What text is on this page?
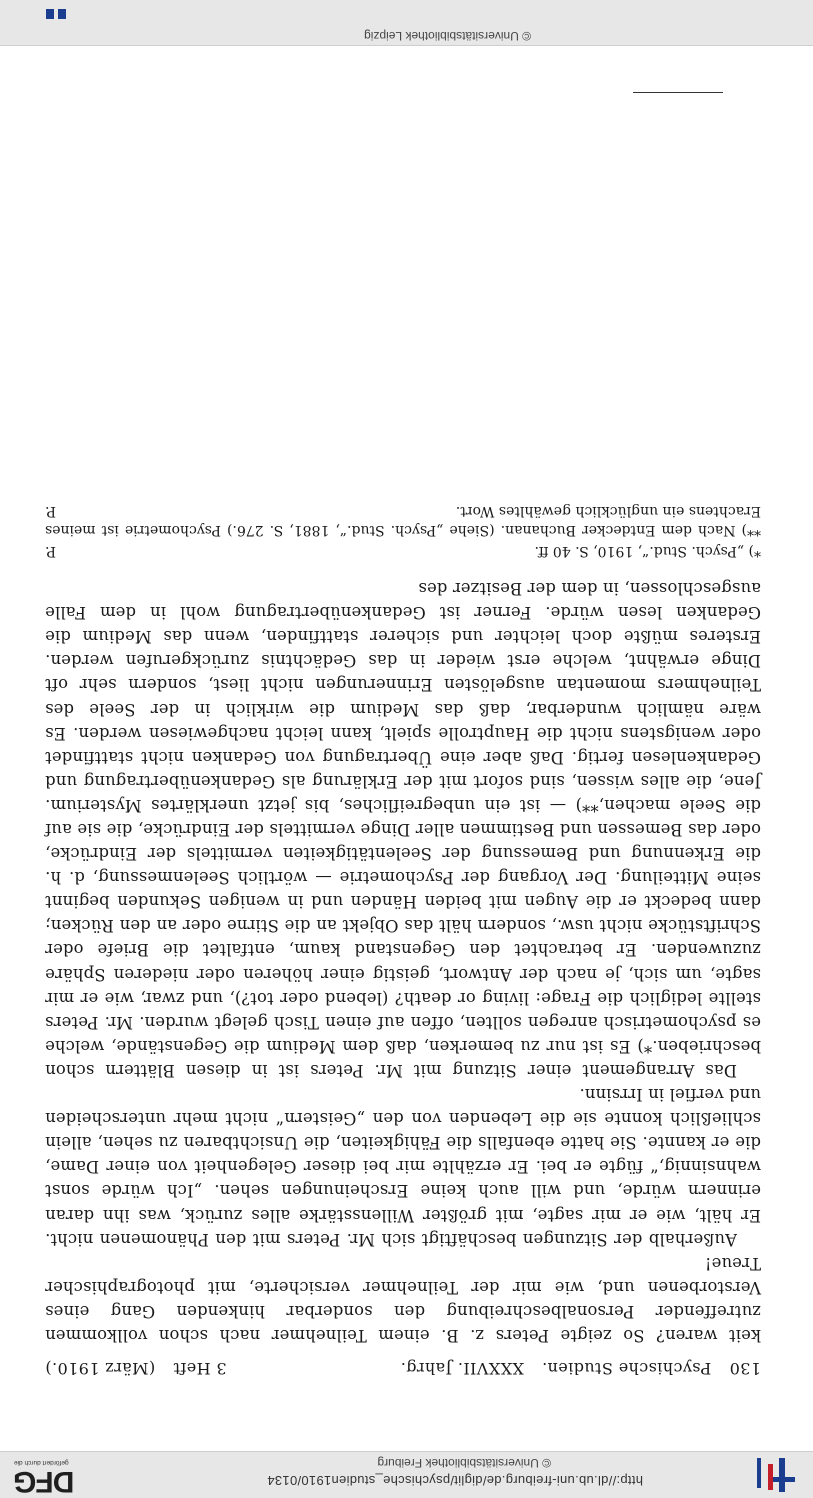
http://dl.ub.uni-freiburg.de/diglit/psychische_studien1910/0134
© Universitätsbibliothek Freiburg
DFG
gefördert durch die
130
Psychische Studien.
XXXVII. Jahrg.
3 Heft
(März 1910.)

keit waren? So zeigte Peters z. B. einem Teilnehmer nach schon vollkommen zutreffender Personalbeschreibung den sonderbar hinkenden Gang eines Verstorbenen und, wie mir der Teilnehmer versicherte, mit photographischer Treue!

Außerhalb der Sitzungen beschäftigt sich Mr. Peters mit den Phänomenen nicht. Er hält, wie er mir sagte, mit größter Willensstärke alles zurück, was ihn daran erinnern würde, und will auch keine Erscheinungen sehen. „Ich würde sonst wahnsinnig,“ fügte er bei. Er erzählte mir bei dieser Gelegenheit von einer Dame, die er kannte. Sie hatte ebenfalls die Fähigkeiten, die Unsichtbaren zu sehen, allein schließlich konnte sie die Lebenden von den „Geistern“ nicht mehr unterscheiden und verfiel in Irrsinn.

Das Arrangement einer Sitzung mit Mr. Peters ist in diesen Blättern schon beschrieben.*) Es ist nur zu bemerken, daß dem Medium die Gegenstände, welche es psychometrisch anregen sollten, offen auf einen Tisch gelegt wurden. Mr. Peters stellte lediglich die Frage: living or death? (lebend oder tot?), und zwar, wie er mir sagte, um sich, je nach der Antwort, geistig einer höheren oder niederen Sphäre zuzuwenden. Er betrachtet den Gegenstand kaum, entfaltet die Briefe oder Schriftstücke nicht usw., sondern hält das Objekt an die Stirne oder an den Rücken; dann bedeckt er die Augen mit beiden Händen und in wenigen Sekunden beginnt seine Mitteilung. Der Vorgang der Psychometrie — wörtlich Seelenmessung, d. h. die Erkennung und Bemessung der Seelentätigkeiten vermittels der Eindrücke, oder das Bemessen und Bestimmen aller Dinge vermittels der Eindrücke, die sie auf die Seele machen,**) — ist ein unbegreifliches, bis jetzt unerklärtes Mysterium. Jene, die alles wissen, sind sofort mit der Erklärung als Gedankenübertragung und Gedankenlesen fertig. Daß aber eine Übertragung von Gedanken nicht stattfindet oder wenigstens nicht die Hauptrolle spielt, kann leicht nachgewiesen werden. Es wäre nämlich wunderbar, daß das Medium die wirklich in der Seele des Teilnehmers momentan ausgelösten Erinnerungen nicht liest, sondern sehr oft Dinge erwähnt, welche erst wieder in das Gedächtnis zurückgerufen werden. Ersteres müßte doch leichter und sicherer stattfinden, wenn das Medium die Gedanken lesen würde. Ferner ist Gedankenübertragung wohl in dem Falle ausgeschlossen, in dem der Besitzer des

P.	*) „Psych. Stud.“, 1910, S. 40 ff.

**) Nach dem Entdecker Buchanan. (Siehe „Psych. Stud.“, 1881, S. 276.) Psychometrie ist meines Erachtens ein unglücklich gewähltes Wort.
P.

© Universitätsbibliothek Leipzig
